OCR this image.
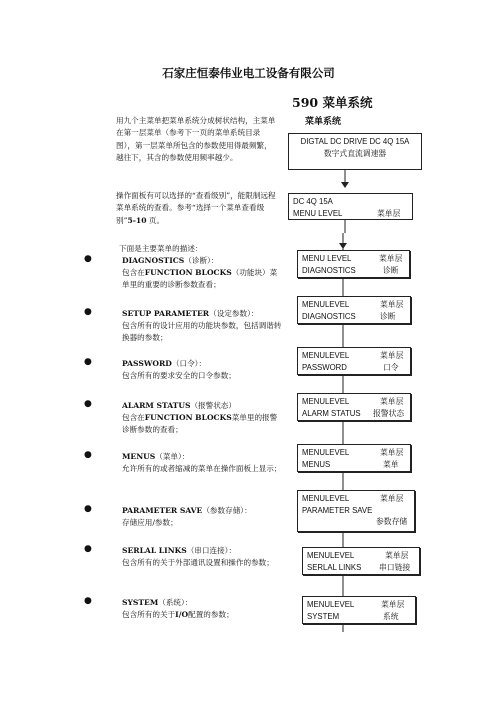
石家庄恒泰伟业电工设备有限公司
590 菜单系统
用九个主菜单把菜单系统分成树状结构，主菜单在第一层菜单（参考下一页的菜单系统目录图），第一层菜单所包含的参数使用得最频繁，越往下，其含的参数使用频率越少。
操作面板有可以选择的“查看级别”，能限制远程菜单系统的查看。参考“选择一个菜单查看级别”5-10 页。
下面是主要菜单的描述：
●	DIAGNOSTICS（诊断）：
包含在FUNCTION BLOCKS（功能块）菜单里的重要的诊断参数查看；
●	SETUP PARAMETER（设定参数）：
包含所有的设计应用的功能块参数，包括调谐转换器的参数；
●	PASSWORD（口令）：
包含所有的要求安全的口令参数；
●	ALARM STATUS（报警状态）
包含在FUNCTION BLOCKS菜单里的报警诊断参数的查看；
●	MENUS（菜单）：
允许所有的或者缩减的菜单在操作面板上显示；
●	PARAMETER SAVE（参数存储）：
存储应用/参数；
●	SERLAL LINKS（串口连接）：
包含所有的关于外部通讯设置和操作的参数；
●	SYSTEM（系统）：
包含所有的关于I/O配置的参数；
菜单系统
DIGTAL DC DRIVE DC 4Q 15A
数字式直流调速器
DC 4Q 15A
MENU LEVEL	菜单层
MENU LEVEL	菜单层
DIAGNOSTICS	诊断
MENULEVEL	菜单层
DIAGNOSTICS	诊断
MENULEVEL	菜单层
PASSWORD	口令
MENULEVEL	菜单层
ALARM STATUS 报警状态
MENULEVEL	菜单层
MENUS	菜单
MENULEVEL	菜单层
PARAMETER SAVE
参数存储
MENULEVEL	菜单层
SERLAL LINKS 串口链接
MENULEVEL	菜单层
SYSTEM	系统
